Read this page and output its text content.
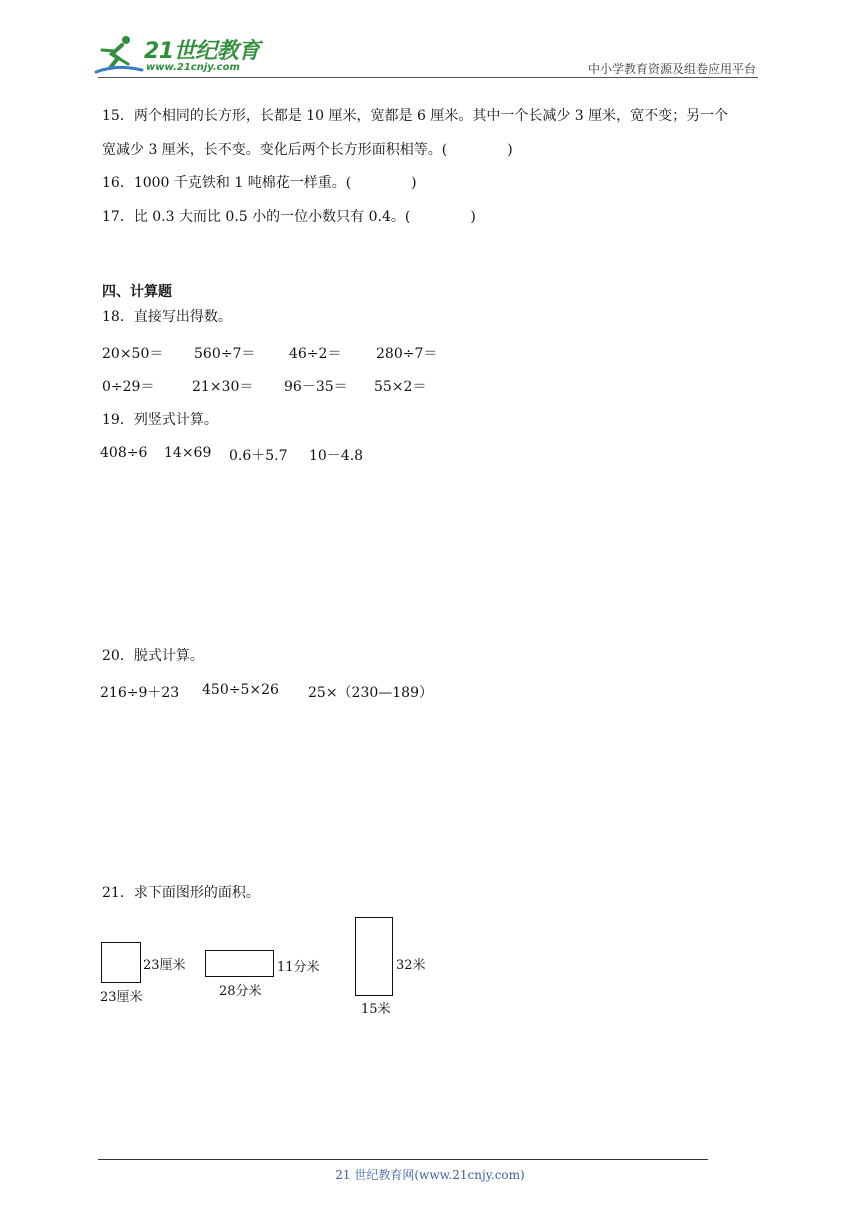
21世纪教育
www.21cnjy.com	中小学教育资源及组卷应用平台
15．两个相同的长方形，长都是 10 厘米，宽都是 6 厘米。其中一个长减少 3 厘米，宽不变；另一个
宽减少 3 厘米，长不变。变化后两个长方形面积相等。(	)
16．1000 千克铁和 1 吨棉花一样重。(	)
17．比 0.3 大而比 0.5 小的一位小数只有 0.4。(	)
四、计算题
18．直接写出得数。
20×50＝ 560÷7＝ 46÷2＝ 280÷7＝
0÷29＝	21×30＝ 96－35＝ 55×2＝
19．列竖式计算。
408÷6 14×69 0.6＋5.7 10－4.8
20．脱式计算。
216÷9＋23 450÷5×26 25×（230—189）
21．求下面图形的面积。
23厘米
23厘米
11分米
28分米
32米
15米
21 世纪教育网(www.21cnjy.com)
